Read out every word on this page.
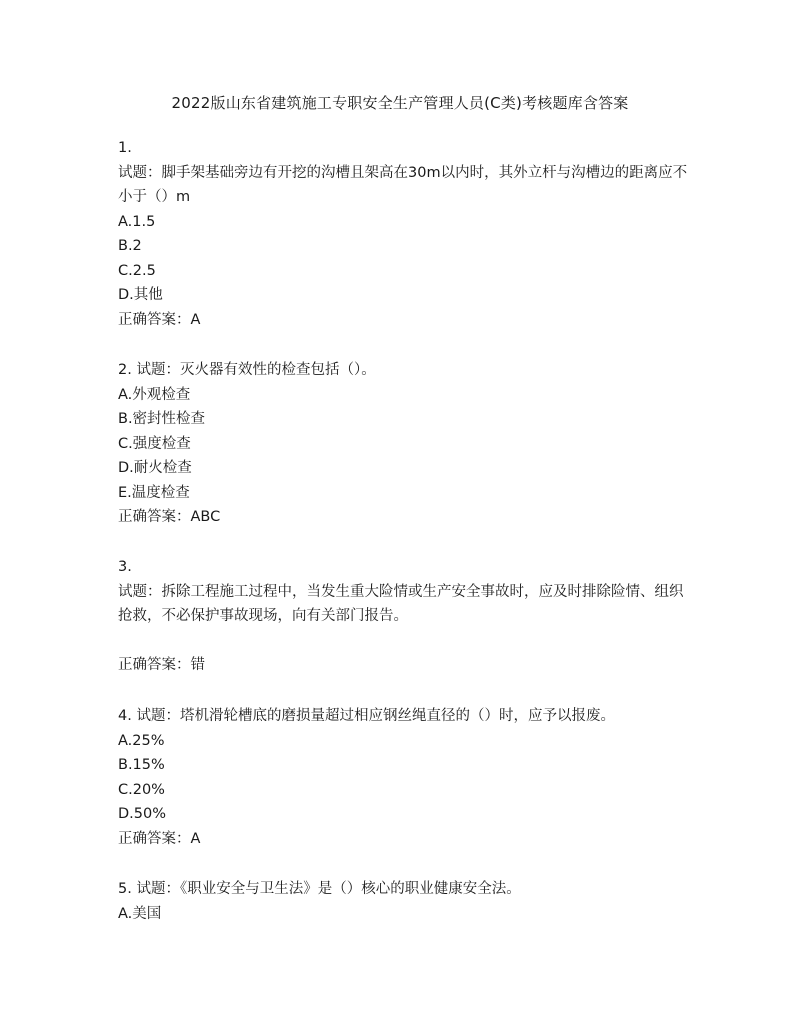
2022版山东省建筑施工专职安全生产管理人员(C类)考核题库含答案
1.
试题：脚手架基础旁边有开挖的沟槽且架高在30m以内时，其外立杆与沟槽边的距离应不
小于（）m
A.1.5
B.2
C.2.5
D.其他
正确答案：A
2. 试题：灭火器有效性的检查包括（）。
A.外观检查
B.密封性检查
C.强度检查
D.耐火检查
E.温度检查
正确答案：ABC
3.
试题：拆除工程施工过程中，当发生重大险情或生产安全事故时，应及时排除险情、组织
抢救，不必保护事故现场，向有关部门报告。
正确答案：错
4. 试题：塔机滑轮槽底的磨损量超过相应钢丝绳直径的（）时，应予以报废。
A.25%
B.15%
C.20%
D.50%
正确答案：A
5. 试题：《职业安全与卫生法》是（）核心的职业健康安全法。
A.美国
